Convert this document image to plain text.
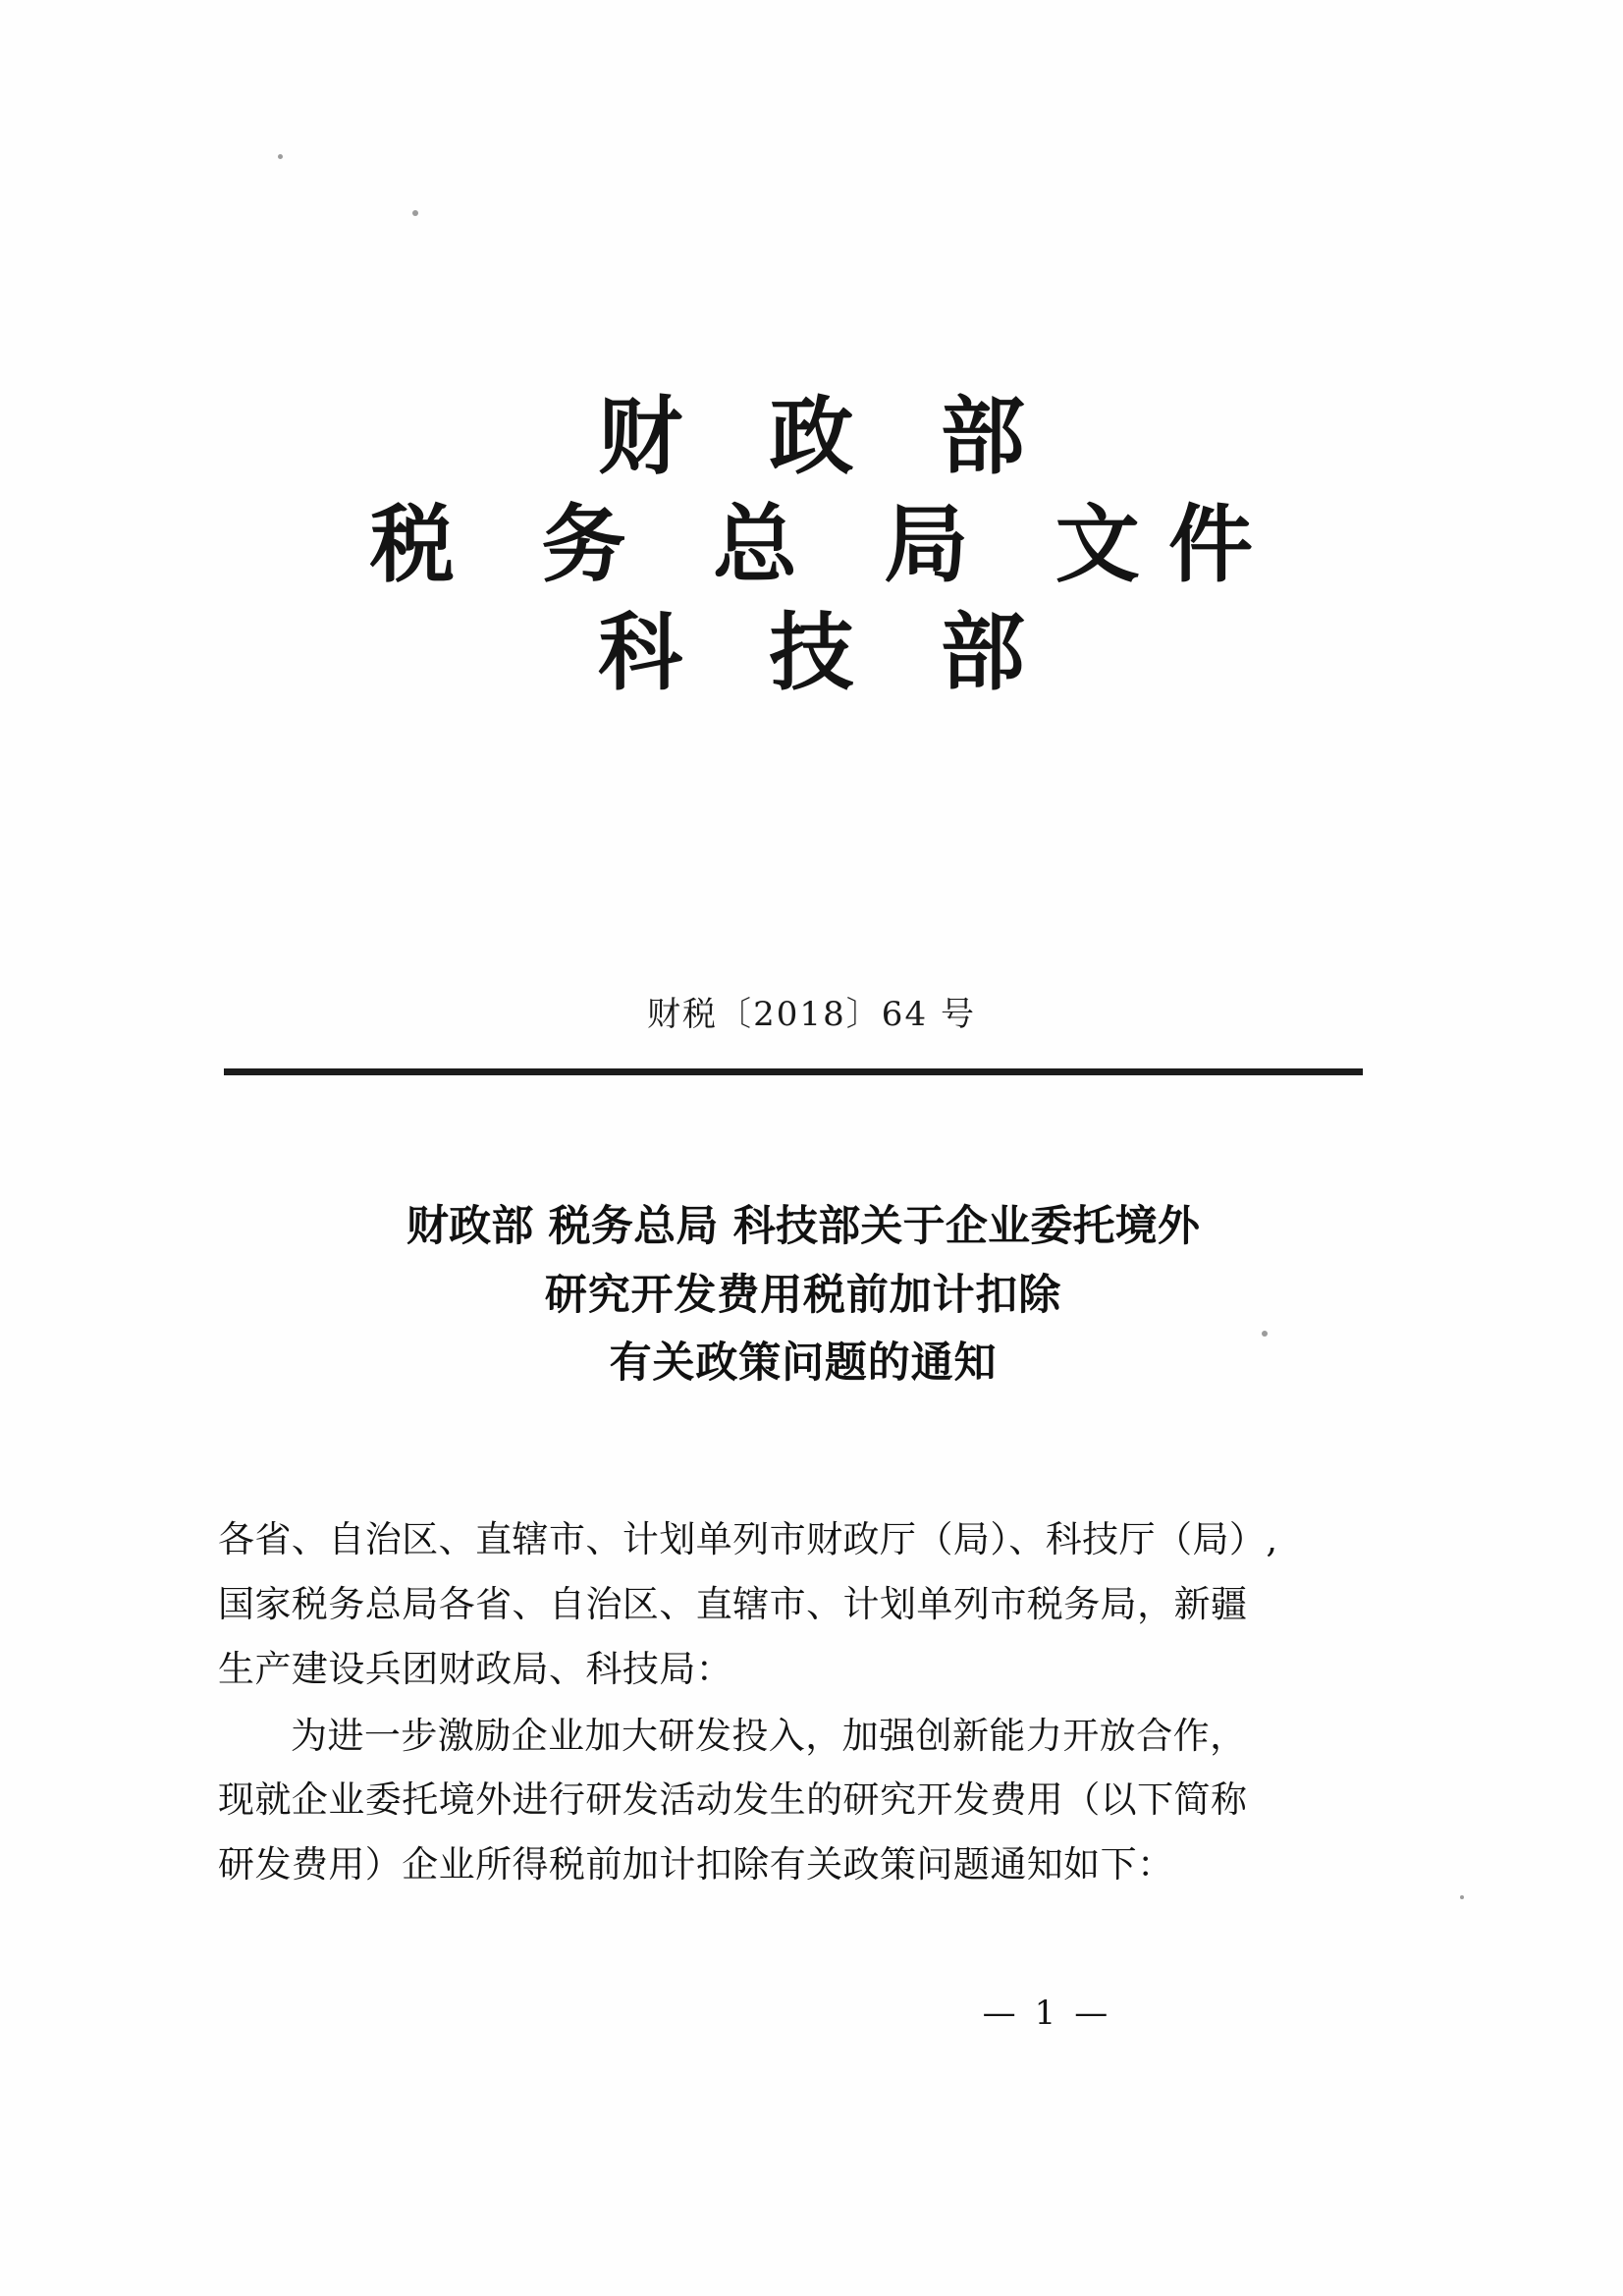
财 政 部
税 务 总 局 文件
科 技 部
财税〔2018〕64 号
财政部 税务总局 科技部关于企业委托境外
研究开发费用税前加计扣除
有关政策问题的通知

各省、自治区、直辖市、计划单列市财政厅（局）、科技厅（局）,
国家税务总局各省、自治区、直辖市、计划单列市税务局，新疆
生产建设兵团财政局、科技局：

为进一步激励企业加大研发投入，加强创新能力开放合作，
现就企业委托境外进行研发活动发生的研究开发费用（以下简称
研发费用）企业所得税前加计扣除有关政策问题通知如下：

— 1 —
